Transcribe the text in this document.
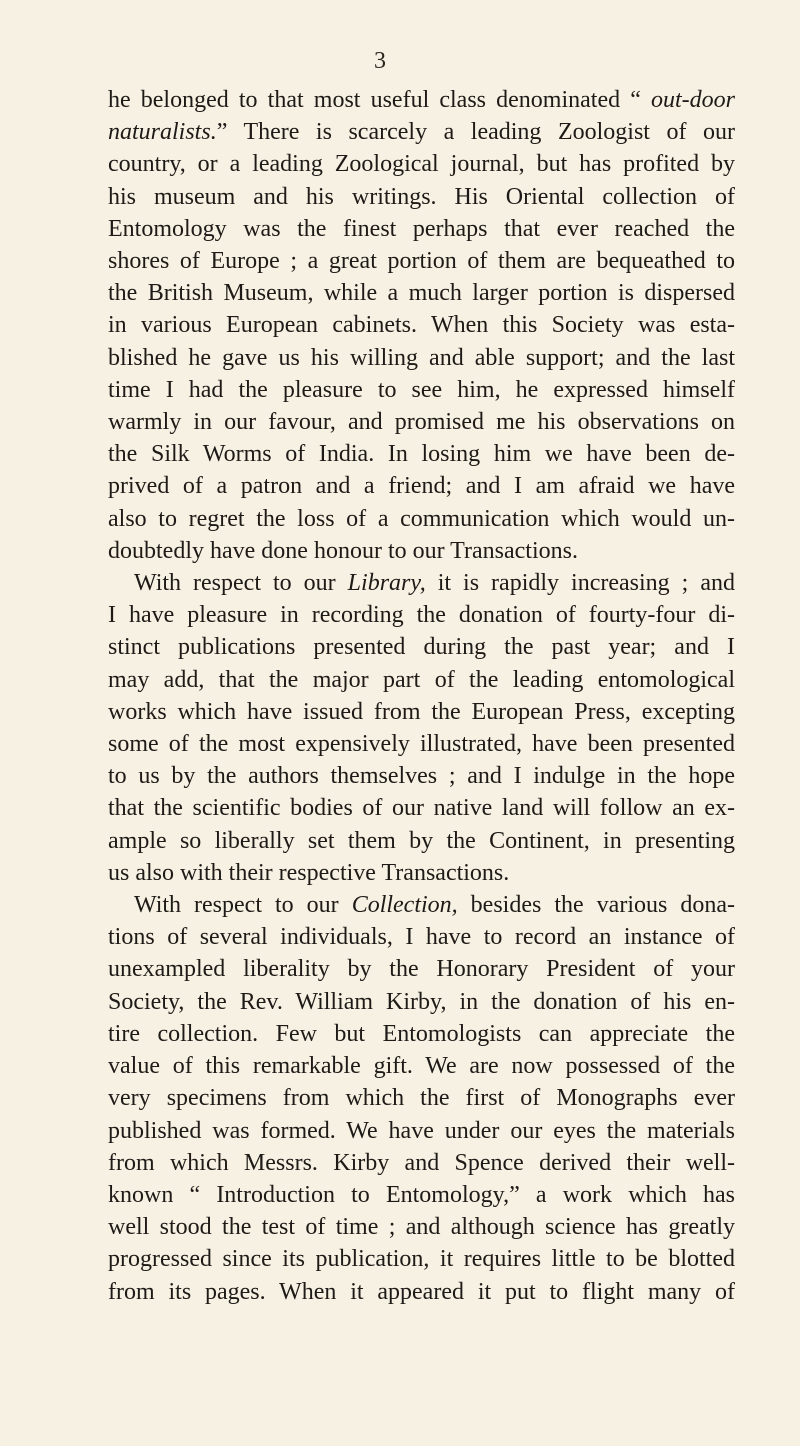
3
he belonged to that most useful class denominated “ out-door
naturalists.” There is scarcely a leading Zoologist of our
country, or a leading Zoological journal, but has profited by
his museum and his writings. His Oriental collection of
Entomology was the finest perhaps that ever reached the
shores of Europe ; a great portion of them are bequeathed to
the British Museum, while a much larger portion is dispersed
in various European cabinets. When this Society was esta-
blished he gave us his willing and able support; and the last
time I had the pleasure to see him, he expressed himself
warmly in our favour, and promised me his observations on
the Silk Worms of India. In losing him we have been de-
prived of a patron and a friend; and I am afraid we have
also to regret the loss of a communication which would un-
doubtedly have done honour to our Transactions.
With respect to our Library, it is rapidly increasing ; and
I have pleasure in recording the donation of fourty-four di-
stinct publications presented during the past year; and I
may add, that the major part of the leading entomological
works which have issued from the European Press, excepting
some of the most expensively illustrated, have been presented
to us by the authors themselves ; and I indulge in the hope
that the scientific bodies of our native land will follow an ex-
ample so liberally set them by the Continent, in presenting
us also with their respective Transactions.
With respect to our Collection, besides the various dona-
tions of several individuals, I have to record an instance of
unexampled liberality by the Honorary President of your
Society, the Rev. William Kirby, in the donation of his en-
tire collection. Few but Entomologists can appreciate the
value of this remarkable gift. We are now possessed of the
very specimens from which the first of Monographs ever
published was formed. We have under our eyes the materials
from which Messrs. Kirby and Spence derived their well-
known “ Introduction to Entomology,” a work which has
well stood the test of time ; and although science has greatly
progressed since its publication, it requires little to be blotted
from its pages. When it appeared it put to flight many of
